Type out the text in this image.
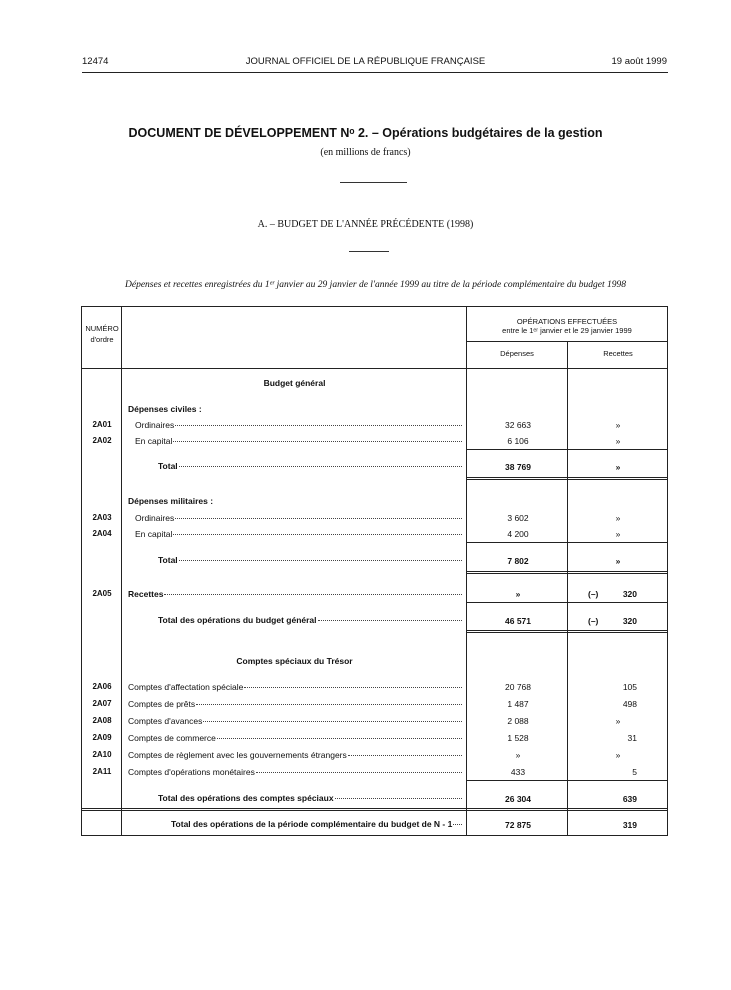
12474	JOURNAL OFFICIEL DE LA RÉPUBLIQUE FRANÇAISE	19 août 1999
DOCUMENT DE DÉVELOPPEMENT Nᵒ 2. – Opérations budgétaires de la gestion
(en millions de francs)
A. – BUDGET DE L'ANNÉE PRÉCÉDENTE (1998)
Dépenses et recettes enregistrées du 1ᵉʳ janvier au 29 janvier de l'année 1999 au titre de la période complémentaire du budget 1998
NUMÉRO
d'ordre
OPÉRATIONS EFFECTUÉES
entre le 1ᵉʳ janvier et le 29 janvier 1999
Dépenses	Recettes
Budget général
Dépenses civiles :
2A01	Ordinaires	32 663	»
2A02	En capital	6 106	»
Total	38 769	»
Dépenses militaires :
2A03	Ordinaires	3 602	»
2A04	En capital	4 200	»
Total	7 802	»
2A05	Recettes	»	(–)	320
Total des opérations du budget général	46 571	(–)	320
Comptes spéciaux du Trésor
2A06	Comptes d'affectation spéciale	20 768	105
2A07	Comptes de prêts	1 487	498
2A08	Comptes d'avances	2 088	»
2A09	Comptes de commerce	1 528	31
2A10	Comptes de règlement avec les gouvernements étrangers	»	»
2A11	Comptes d'opérations monétaires	433	5
Total des opérations des comptes spéciaux	26 304	639
Total des opérations de la période complémentaire du budget de N - 1	72 875	319
